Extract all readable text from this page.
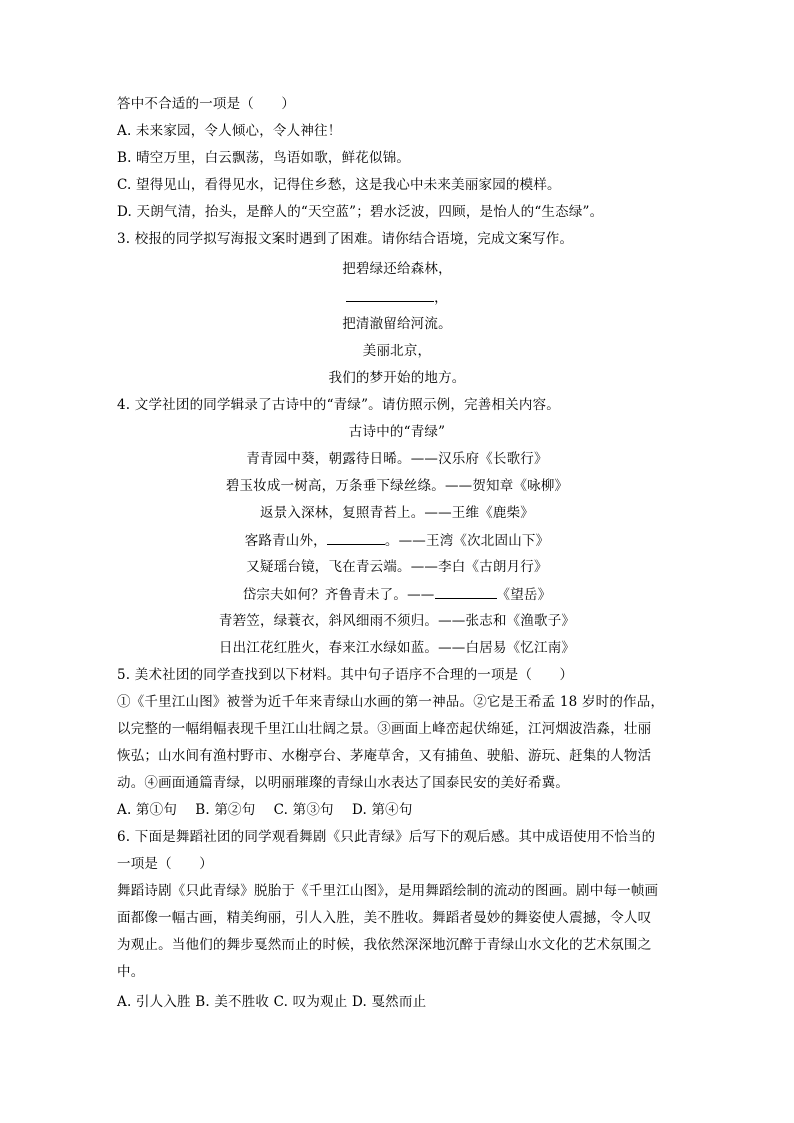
答中不合适的一项是（　　）
A. 未来家园，令人倾心，令人神往！
B. 晴空万里，白云飘荡，鸟语如歌，鲜花似锦。
C. 望得见山，看得见水，记得住乡愁，这是我心中未来美丽家园的模样。
D. 天朗气清，抬头，是醉人的“天空蓝”；碧水泛波，四顾，是怡人的“生态绿”。
3. 校报的同学拟写海报文案时遇到了困难。请你结合语境，完成文案写作。
把碧绿还给森林，
，
把清澈留给河流。
美丽北京，
我们的梦开始的地方。
4. 文学社团的同学辑录了古诗中的“青绿”。请仿照示例，完善相关内容。
古诗中的“青绿”
青青园中葵，朝露待日晞。——汉乐府《长歌行》
碧玉妆成一树高，万条垂下绿丝绦。——贺知章《咏柳》
返景入深林，复照青苔上。——王维《鹿柴》
客路青山外，	。——王湾《次北固山下》
又疑瑶台镜，飞在青云端。——李白《古朗月行》
岱宗夫如何？齐鲁青未了。——	《望岳》
青箬笠，绿蓑衣，斜风细雨不须归。——张志和《渔歌子》
日出江花红胜火，春来江水绿如蓝。——白居易《忆江南》
5. 美术社团的同学查找到以下材料。其中句子语序不合理的一项是（　　）
①《千里江山图》被誉为近千年来青绿山水画的第一神品。②它是王希孟 18 岁时的作品，
以完整的一幅绢幅表现千里江山壮阔之景。③画面上峰峦起伏绵延，江河烟波浩淼，壮丽
恢弘；山水间有渔村野市、水榭亭台、茅庵草舍，又有捕鱼、驶船、游玩、赶集的人物活
动。④画面通篇青绿，以明丽璀璨的青绿山水表达了国泰民安的美好希冀。
A. 第①句　 B. 第②句　 C. 第③句　 D. 第④句
6. 下面是舞蹈社团的同学观看舞剧《只此青绿》后写下的观后感。其中成语使用不恰当的
一项是（　　）
舞蹈诗剧《只此青绿》脱胎于《千里江山图》，是用舞蹈绘制的流动的图画。剧中每一帧画
面都像一幅古画，精美绚丽，引人入胜，美不胜收。舞蹈者曼妙的舞姿使人震撼，令人叹
为观止。当他们的舞步戛然而止的时候，我依然深深地沉醉于青绿山水文化的艺术氛围之
中。
A. 引人入胜 B. 美不胜收 C. 叹为观止 D. 戛然而止
